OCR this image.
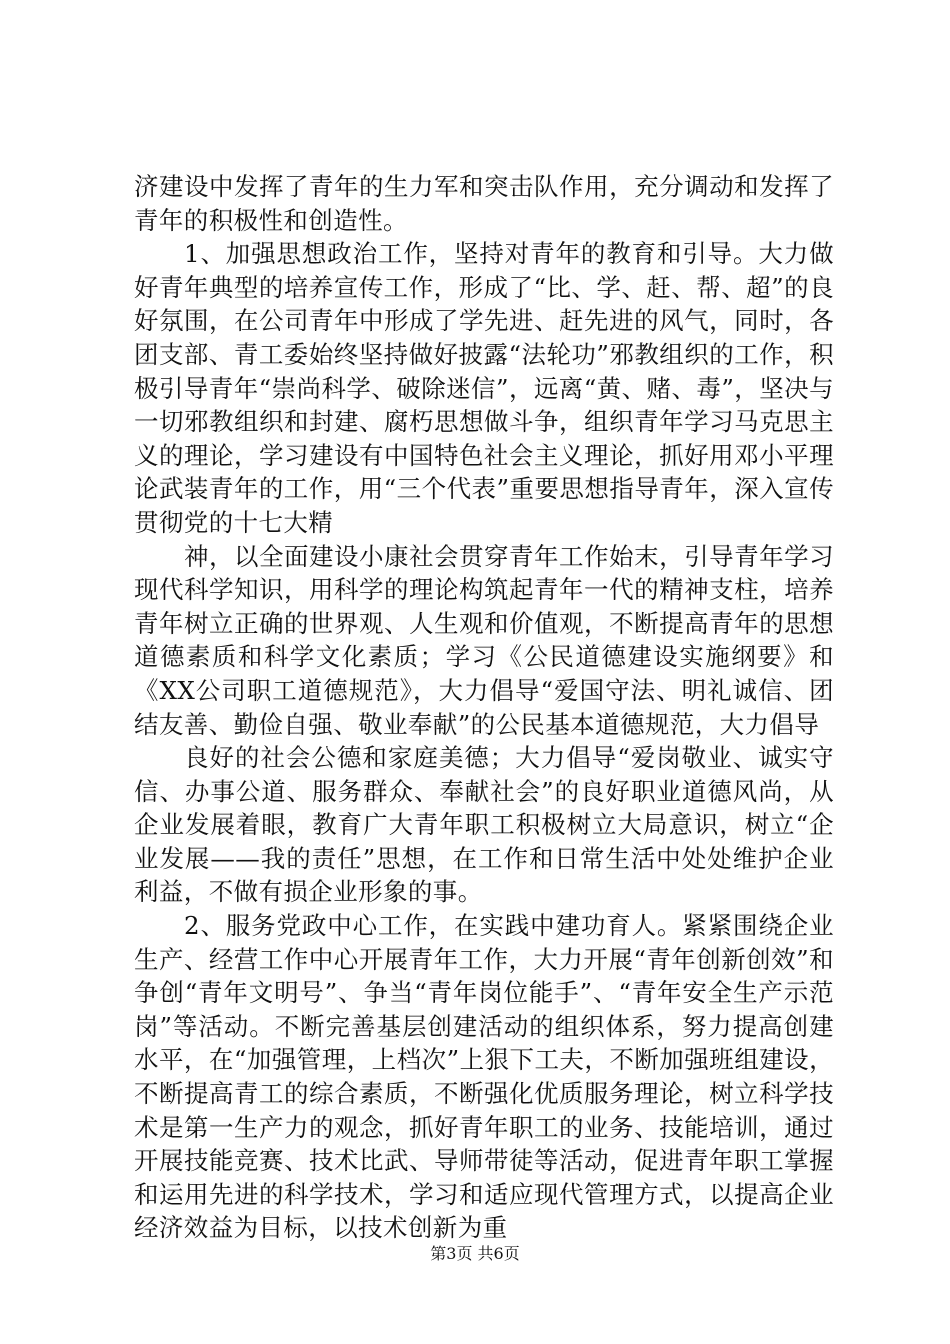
济建设中发挥了青年的生力军和突击队作用，充分调动和发挥了青年的积极性和创造性。

1、加强思想政治工作，坚持对青年的教育和引导。大力做好青年典型的培养宣传工作，形成了“比、学、赶、帮、超”的良好氛围，在公司青年中形成了学先进、赶先进的风气，同时，各团支部、青工委始终坚持做好披露“法轮功”邪教组织的工作，积极引导青年“崇尚科学、破除迷信”，远离“黄、赌、毒”，坚决与一切邪教组织和封建、腐朽思想做斗争，组织青年学习马克思主义的理论，学习建设有中国特色社会主义理论，抓好用邓小平理论武装青年的工作，用“三个代表”重要思想指导青年，深入宣传贯彻党的十七大精

神，以全面建设小康社会贯穿青年工作始末，引导青年学习现代科学知识，用科学的理论构筑起青年一代的精神支柱，培养青年树立正确的世界观、人生观和价值观，不断提高青年的思想道德素质和科学文化素质；学习《公民道德建设实施纲要》和《XX公司职工道德规范》，大力倡导“爱国守法、明礼诚信、团结友善、勤俭自强、敬业奉献”的公民基本道德规范，大力倡导

良好的社会公德和家庭美德；大力倡导“爱岗敬业、诚实守信、办事公道、服务群众、奉献社会”的良好职业道德风尚，从企业发展着眼，教育广大青年职工积极树立大局意识，树立“企业发展——我的责任”思想，在工作和日常生活中处处维护企业利益，不做有损企业形象的事。

2、服务党政中心工作，在实践中建功育人。紧紧围绕企业生产、经营工作中心开展青年工作，大力开展“青年创新创效”和争创“青年文明号”、争当“青年岗位能手”、“青年安全生产示范岗”等活动。不断完善基层创建活动的组织体系，努力提高创建水平，在“加强管理，上档次”上狠下工夫，不断加强班组建设，不断提高青工的综合素质，不断强化优质服务理论，树立科学技术是第一生产力的观念，抓好青年职工的业务、技能培训，通过开展技能竞赛、技术比武、导师带徒等活动，促进青年职工掌握和运用先进的科学技术，学习和适应现代管理方式，以提高企业经济效益为目标，以技术创新为重

第3页 共6页
